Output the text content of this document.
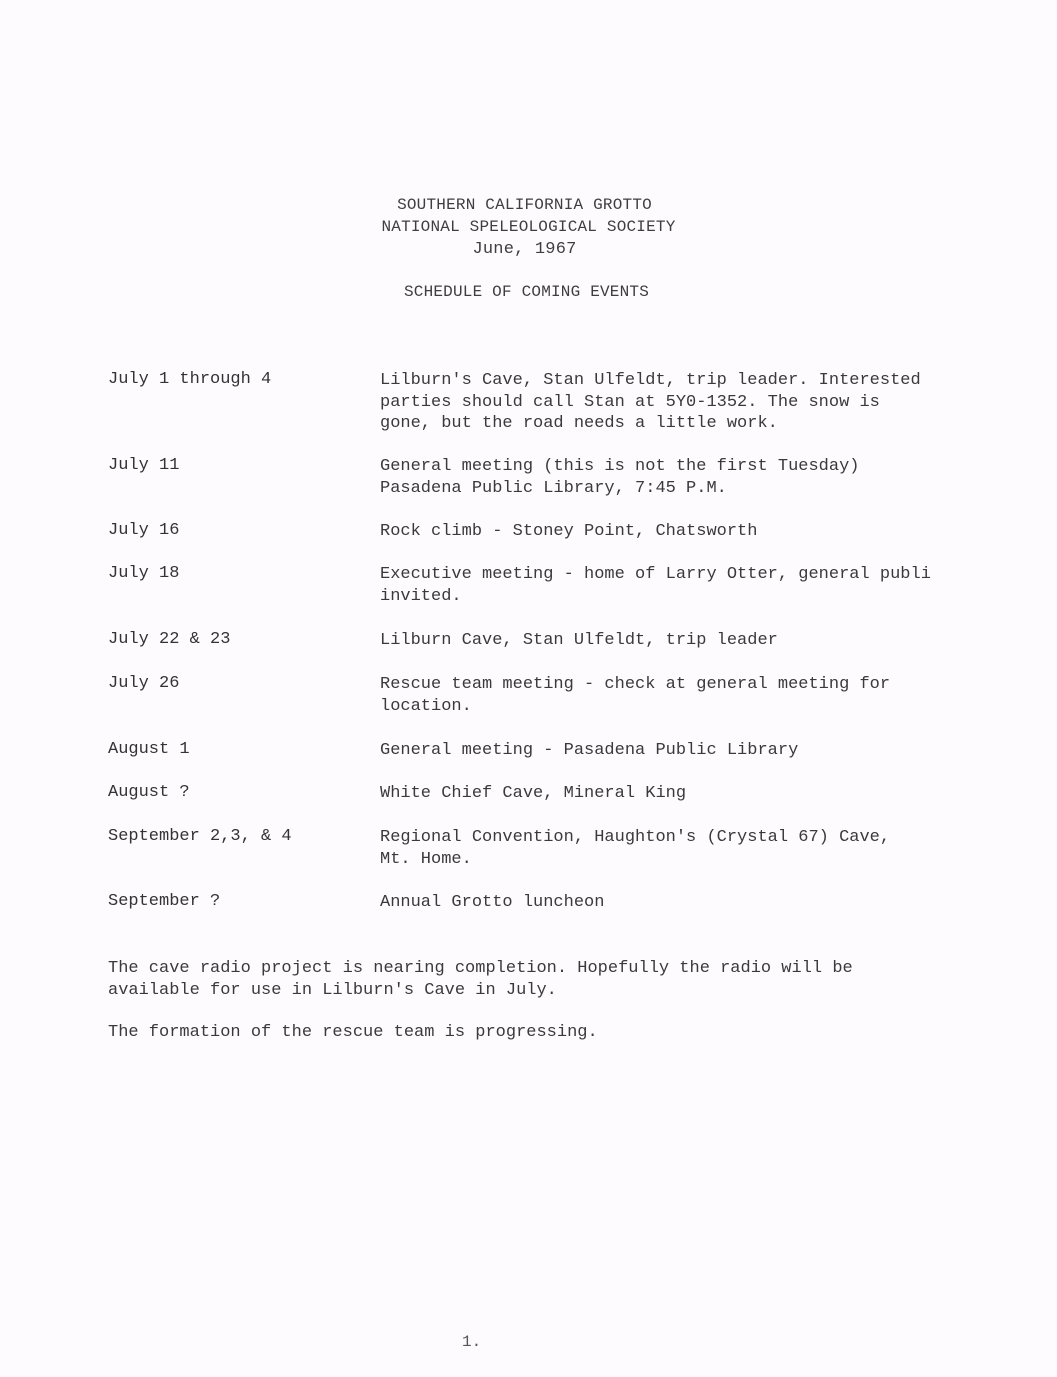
SOUTHERN CALIFORNIA GROTTO
NATIONAL SPELEOLOGICAL SOCIETY
June, 1967
SCHEDULE OF COMING EVENTS
July 1 through 4	Lilburn's Cave, Stan Ulfeldt, trip leader. Interested
parties should call Stan at 5Y0-1352. The snow is
gone, but the road needs a little work.
July 11	General meeting (this is not the first Tuesday)
Pasadena Public Library, 7:45 P.M.
July 16	Rock climb - Stoney Point, Chatsworth
July 18	Executive meeting - home of Larry Otter, general publi
invited.
July 22 & 23	Lilburn Cave, Stan Ulfeldt, trip leader
July 26	Rescue team meeting - check at general meeting for
location.
August 1	General meeting - Pasadena Public Library
August ?	White Chief Cave, Mineral King
September 2,3, & 4	Regional Convention, Haughton's (Crystal 67) Cave,
Mt. Home.
September ?	Annual Grotto luncheon
The cave radio project is nearing completion. Hopefully the radio will be
available for use in Lilburn's Cave in July.
The formation of the rescue team is progressing.
1.
